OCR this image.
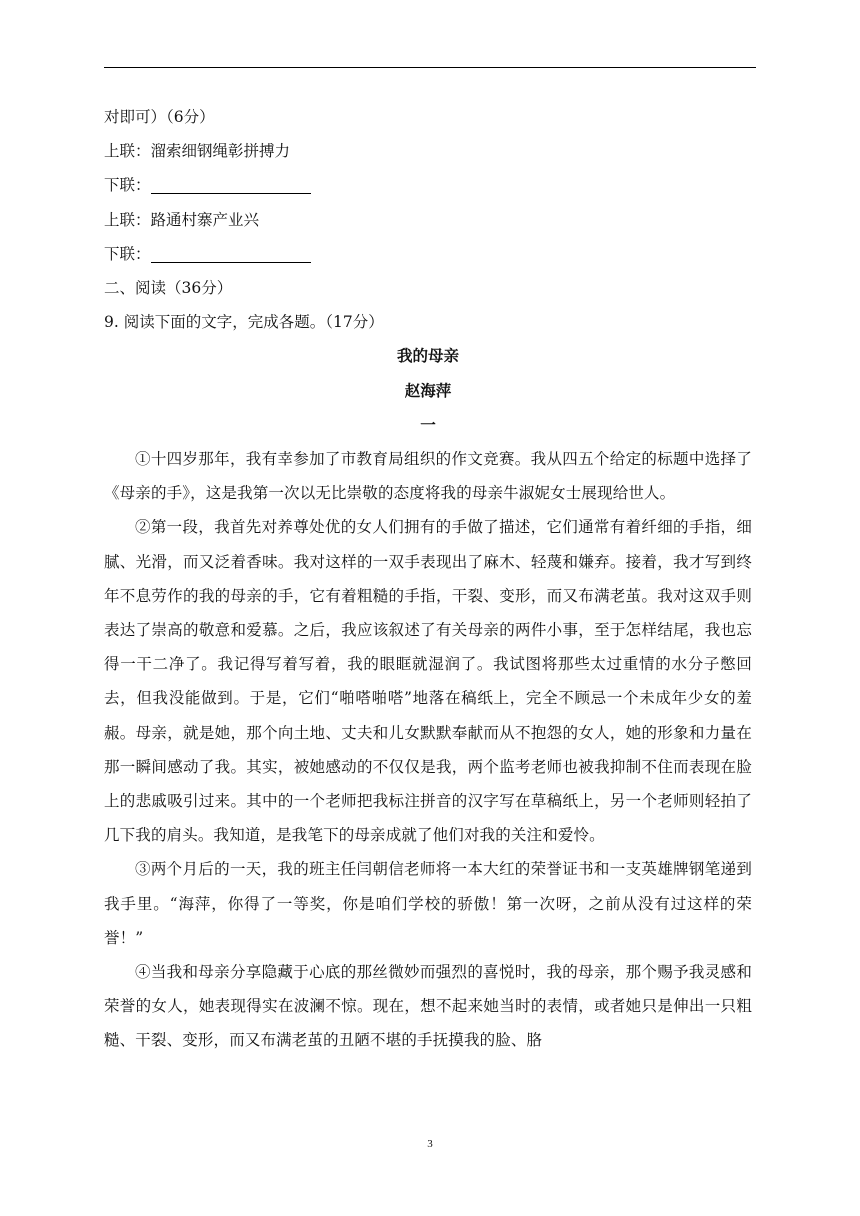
对即可）（6分）
上联：溜索细钢绳彰拼搏力
下联：
上联：路通村寨产业兴
下联：
二、阅读（36分）
9. 阅读下面的文字，完成各题。（17分）
我的母亲
赵海萍
一
①十四岁那年，我有幸参加了市教育局组织的作文竞赛。我从四五个给定的标题中选择了《母亲的手》，这是我第一次以无比崇敬的态度将我的母亲牛淑妮女士展现给世人。
②第一段，我首先对养尊处优的女人们拥有的手做了描述，它们通常有着纤细的手指，细腻、光滑，而又泛着香味。我对这样的一双手表现出了麻木、轻蔑和嫌弃。接着，我才写到终年不息劳作的我的母亲的手，它有着粗糙的手指，干裂、变形，而又布满老茧。我对这双手则表达了崇高的敬意和爱慕。之后，我应该叙述了有关母亲的两件小事，至于怎样结尾，我也忘得一干二净了。我记得写着写着，我的眼眶就湿润了。我试图将那些太过重情的水分子憋回去，但我没能做到。于是，它们“啪嗒啪嗒”地落在稿纸上，完全不顾忌一个未成年少女的羞赧。母亲，就是她，那个向土地、丈夫和儿女默默奉献而从不抱怨的女人，她的形象和力量在那一瞬间感动了我。其实，被她感动的不仅仅是我，两个监考老师也被我抑制不住而表现在脸上的悲戚吸引过来。其中的一个老师把我标注拼音的汉字写在草稿纸上，另一个老师则轻拍了几下我的肩头。我知道，是我笔下的母亲成就了他们对我的关注和爱怜。
③两个月后的一天，我的班主任闫朝信老师将一本大红的荣誉证书和一支英雄牌钢笔递到我手里。“海萍，你得了一等奖，你是咱们学校的骄傲！第一次呀，之前从没有过这样的荣誉！”
④当我和母亲分享隐藏于心底的那丝微妙而强烈的喜悦时，我的母亲，那个赐予我灵感和荣誉的女人，她表现得实在波澜不惊。现在，想不起来她当时的表情，或者她只是伸出一只粗糙、干裂、变形，而又布满老茧的丑陋不堪的手抚摸我的脸、胳
3
